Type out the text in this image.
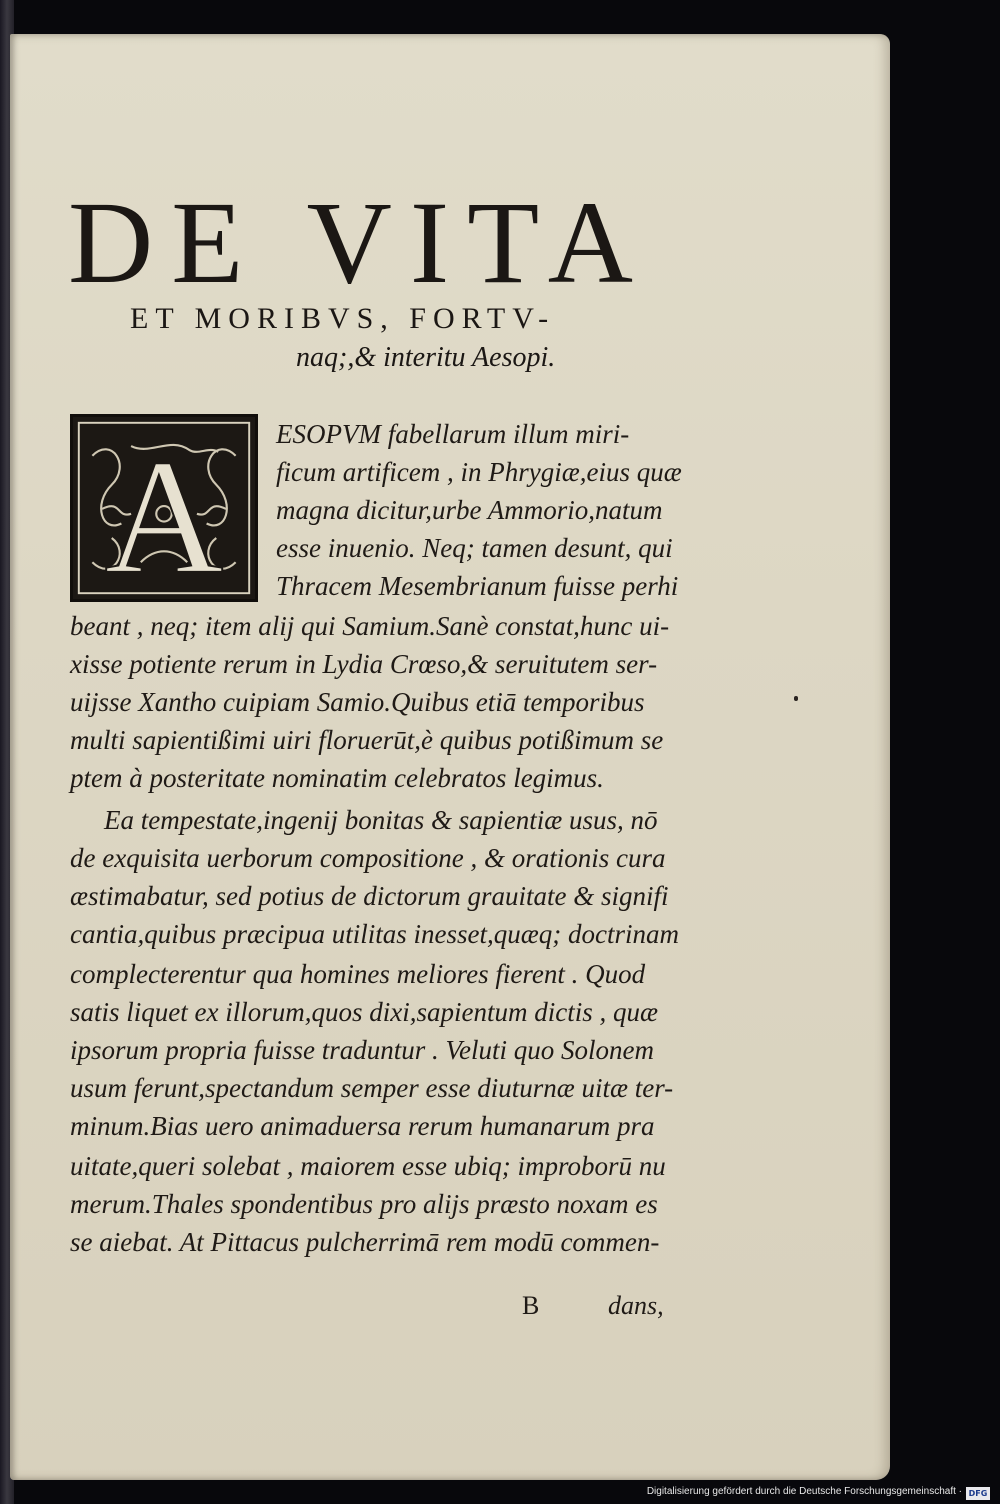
DE VITA

ET MORIBVS, FORTV-

naq;,& interitu Aesopi.

A ESOPVM fabellarum illum miri-

ficum artificem , in Phrygiæ,eius quæ

magna dicitur,urbe Ammorio,natum

esse inuenio. Neq; tamen desunt, qui

Thracem Mesembrianum fuisse perhi

beant , neq; item alij qui Samium.Sanè constat,hunc ui-

xisse potiente rerum in Lydia Crœso,& seruitutem ser-

uijsse Xantho cuipiam Samio.Quibus etiā temporibus

multi sapientißimi uiri floruerūt,è quibus potißimum se

ptem à posteritate nominatim celebratos legimus.

Ea tempestate,ingenij bonitas & sapientiæ usus, nō

de exquisita uerborum compositione , & orationis cura

æstimabatur, sed potius de dictorum grauitate & signifi

cantia,quibus præcipua utilitas inesset,quæq; doctrinam

complecterentur qua homines meliores fierent . Quod

satis liquet ex illorum,quos dixi,sapientum dictis , quæ

ipsorum propria fuisse traduntur . Veluti quo Solonem

usum ferunt,spectandum semper esse diuturnæ uitæ ter-

minum.Bias uero animaduersa rerum humanarum pra

uitate,queri solebat , maiorem esse ubiq; improborū nu

merum.Thales spondentibus pro alijs præsto noxam es

se aiebat. At Pittacus pulcherrimā rem modū commen-

B	dans,

Digitalisierung gefördert durch die Deutsche Forschungsgemeinschaft · DFG
